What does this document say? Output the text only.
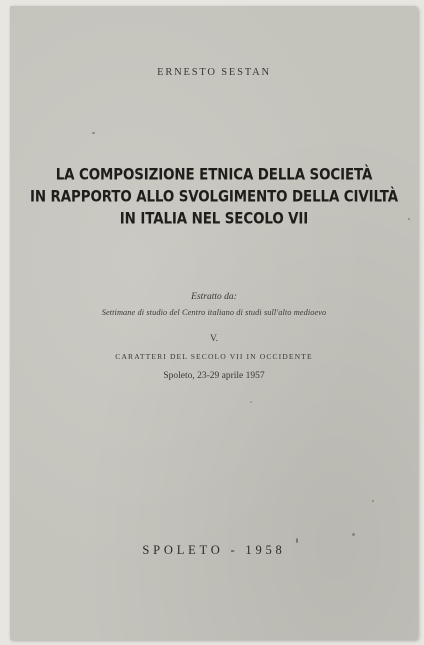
ERNESTO SESTAN

LA COMPOSIZIONE ETNICA DELLA SOCIETÀ
IN RAPPORTO ALLO SVOLGIMENTO DELLA CIVILTÀ
IN ITALIA NEL SECOLO VII

Estratto da:

Settimane di studio del Centro italiano di studi sull'alto medioevo

V.

CARATTERI DEL SECOLO VII IN OCCIDENTE

Spoleto, 23-29 aprile 1957

SPOLETO - 1958
